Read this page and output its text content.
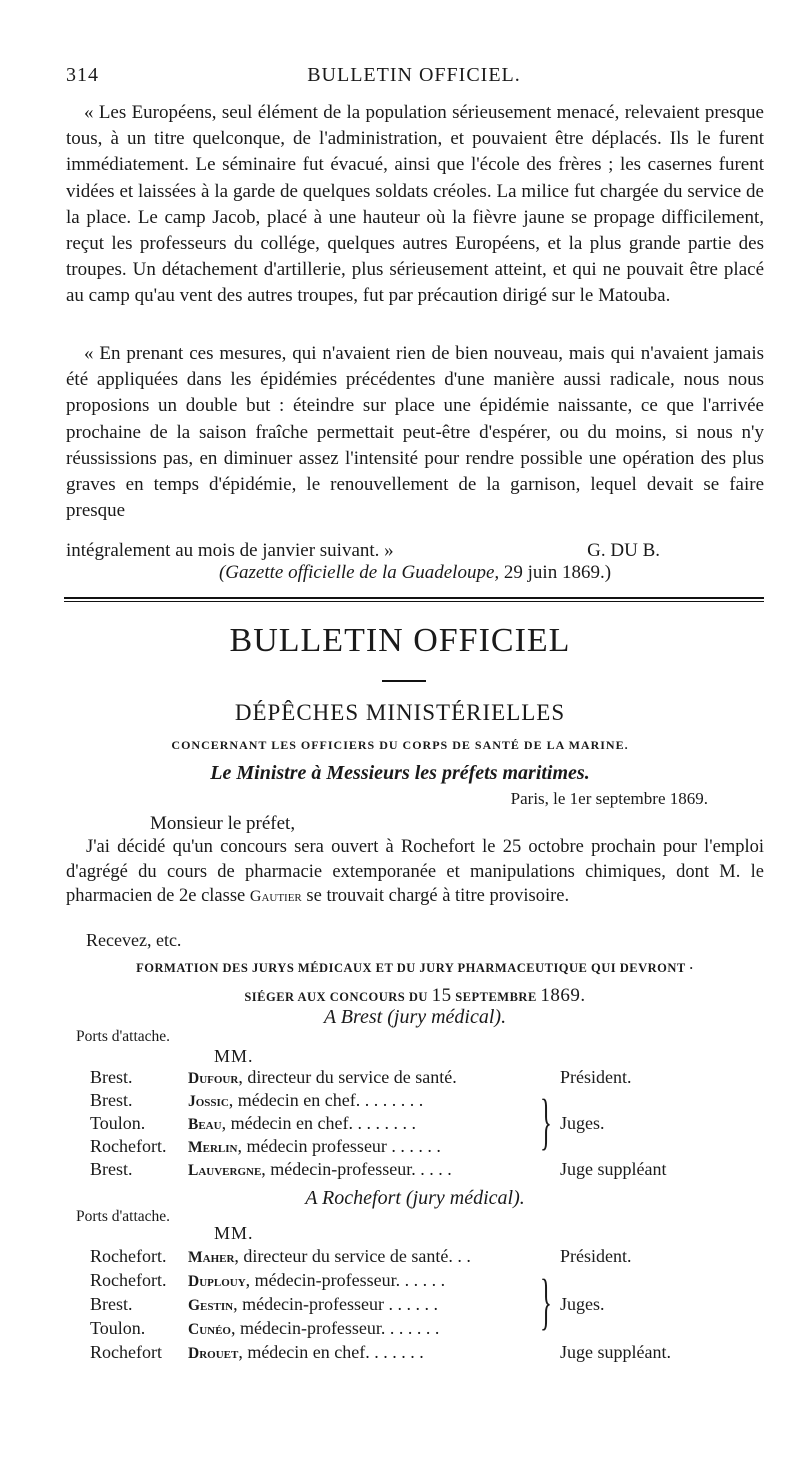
314	BULLETIN OFFICIEL.

« Les Européens, seul élément de la population sérieusement menacé, relevaient presque tous, à un titre quelconque, de l'administration, et pouvaient être déplacés. Ils le furent immédiatement. Le séminaire fut évacué, ainsi que l'école des frères ; les casernes furent vidées et laissées à la garde de quelques soldats créoles. La milice fut chargée du service de la place. Le camp Jacob, placé à une hauteur où la fièvre jaune se propage difficilement, reçut les professeurs du collége, quelques autres Européens, et la plus grande partie des troupes. Un détachement d'artillerie, plus sérieusement atteint, et qui ne pouvait être placé au camp qu'au vent des autres troupes, fut par précaution dirigé sur le Matouba.

« En prenant ces mesures, qui n'avaient rien de bien nouveau, mais qui n'avaient jamais été appliquées dans les épidémies précédentes d'une manière aussi radicale, nous nous proposions un double but : éteindre sur place une épidémie naissante, ce que l'arrivée prochaine de la saison fraîche permettait peut-être d'espérer, ou du moins, si nous n'y réussissions pas, en diminuer assez l'intensité pour rendre possible une opération des plus graves en temps d'épidémie, le renouvellement de la garnison, lequel devait se faire presque

intégralement au mois de janvier suivant. »	G. DU B.
(Gazette officielle de la Guadeloupe, 29 juin 1869.)
BULLETIN OFFICIEL
DÉPÊCHES MINISTÉRIELLES
CONCERNANT LES OFFICIERS DU CORPS DE SANTÉ DE LA MARINE.
Le Ministre à Messieurs les préfets maritimes.
Paris, le 1er septembre 1869.
Monsieur le préfet,

J'ai décidé qu'un concours sera ouvert à Rochefort le 25 octobre prochain pour l'emploi d'agrégé du cours de pharmacie extemporanée et manipulations chimiques, dont M. le pharmacien de 2e classe Gautier se trouvait chargé à titre provisoire.

Recevez, etc.
FORMATION DES JURYS MÉDICAUX ET DU JURY PHARMACEUTIQUE QUI DEVRONT ·
SIÉGER AUX CONCOURS DU 15 SEPTEMBRE 1869.
A Brest (jury médical).
Ports d'attache.
MM.
Brest.	Dufour, directeur du service de santé.	Président.
Brest.	Jossic, médecin en chef. . . . . . . .
Toulon.	Beau, médecin en chef. . . . . . . .
Rochefort. Merlin, médecin professeur . . . . . . } Juges.
Brest.	Lauvergne, médecin-professeur. . . . .	Juge suppléant
A Rochefort (jury médical).
Ports d'attache.
MM.
Rochefort. Maher, directeur du service de santé. . .	Président.
Rochefort. Duplouy, médecin-professeur. . . . . .
Brest.	Gestin, médecin-professeur . . . . . .
Toulon.	Cunéo, médecin-professeur. . . . . . . } Juges.
Rochefort Drouet, médecin en chef. . . . . . .	Juge suppléant.
